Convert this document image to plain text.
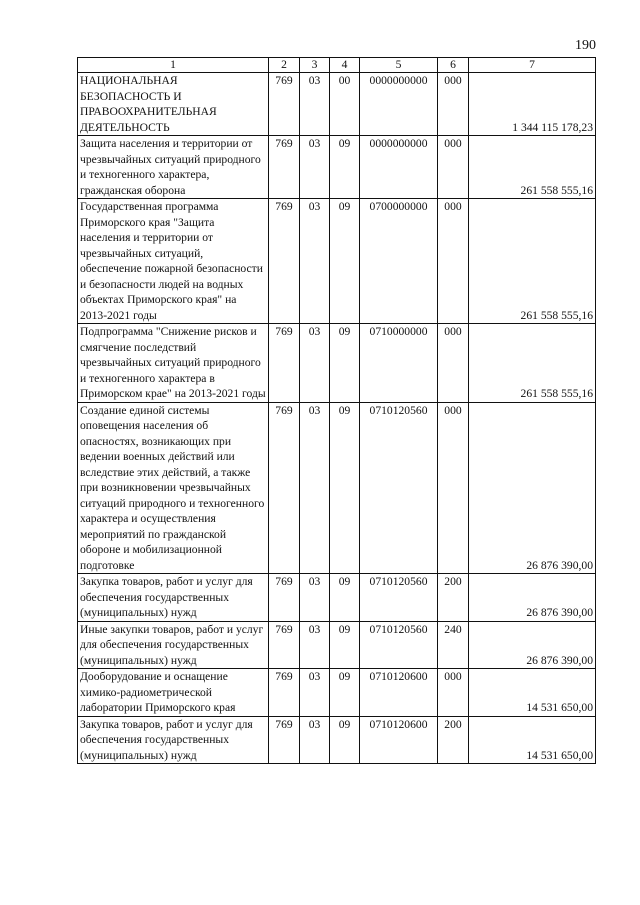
190
1	2	3	4	5	6	7
НАЦИОНАЛЬНАЯ БЕЗОПАСНОСТЬ И ПРАВООХРАНИТЕЛЬНАЯ ДЕЯТЕЛЬНОСТЬ	769	03	00	0000000000	000	1 344 115 178,23
Защита населения и территории от чрезвычайных ситуаций природного и техногенного характера, гражданская оборона	769	03	09	0000000000	000	261 558 555,16
Государственная программа Приморского края "Защита населения и территории от чрезвычайных ситуаций, обеспечение пожарной безопасности и безопасности людей на водных объектах Приморского края" на 2013-2021 годы	769	03	09	0700000000	000	261 558 555,16
Подпрограмма "Снижение рисков и смягчение последствий чрезвычайных ситуаций природного и техногенного характера в Приморском крае" на 2013-2021 годы	769	03	09	0710000000	000	261 558 555,16
Создание единой системы оповещения населения об опасностях, возникающих при ведении военных действий или вследствие этих действий, а также при возникновении чрезвычайных ситуаций природного и техногенного характера и осуществления мероприятий по гражданской обороне и мобилизационной подготовке	769	03	09	0710120560	000	26 876 390,00
Закупка товаров, работ и услуг для обеспечения государственных (муниципальных) нужд	769	03	09	0710120560	200	26 876 390,00
Иные закупки товаров, работ и услуг для обеспечения государственных (муниципальных) нужд	769	03	09	0710120560	240	26 876 390,00
Дооборудование и оснащение химико-радиометрической лаборатории Приморского края	769	03	09	0710120600	000	14 531 650,00
Закупка товаров, работ и услуг для обеспечения государственных (муниципальных) нужд	769	03	09	0710120600	200	14 531 650,00
